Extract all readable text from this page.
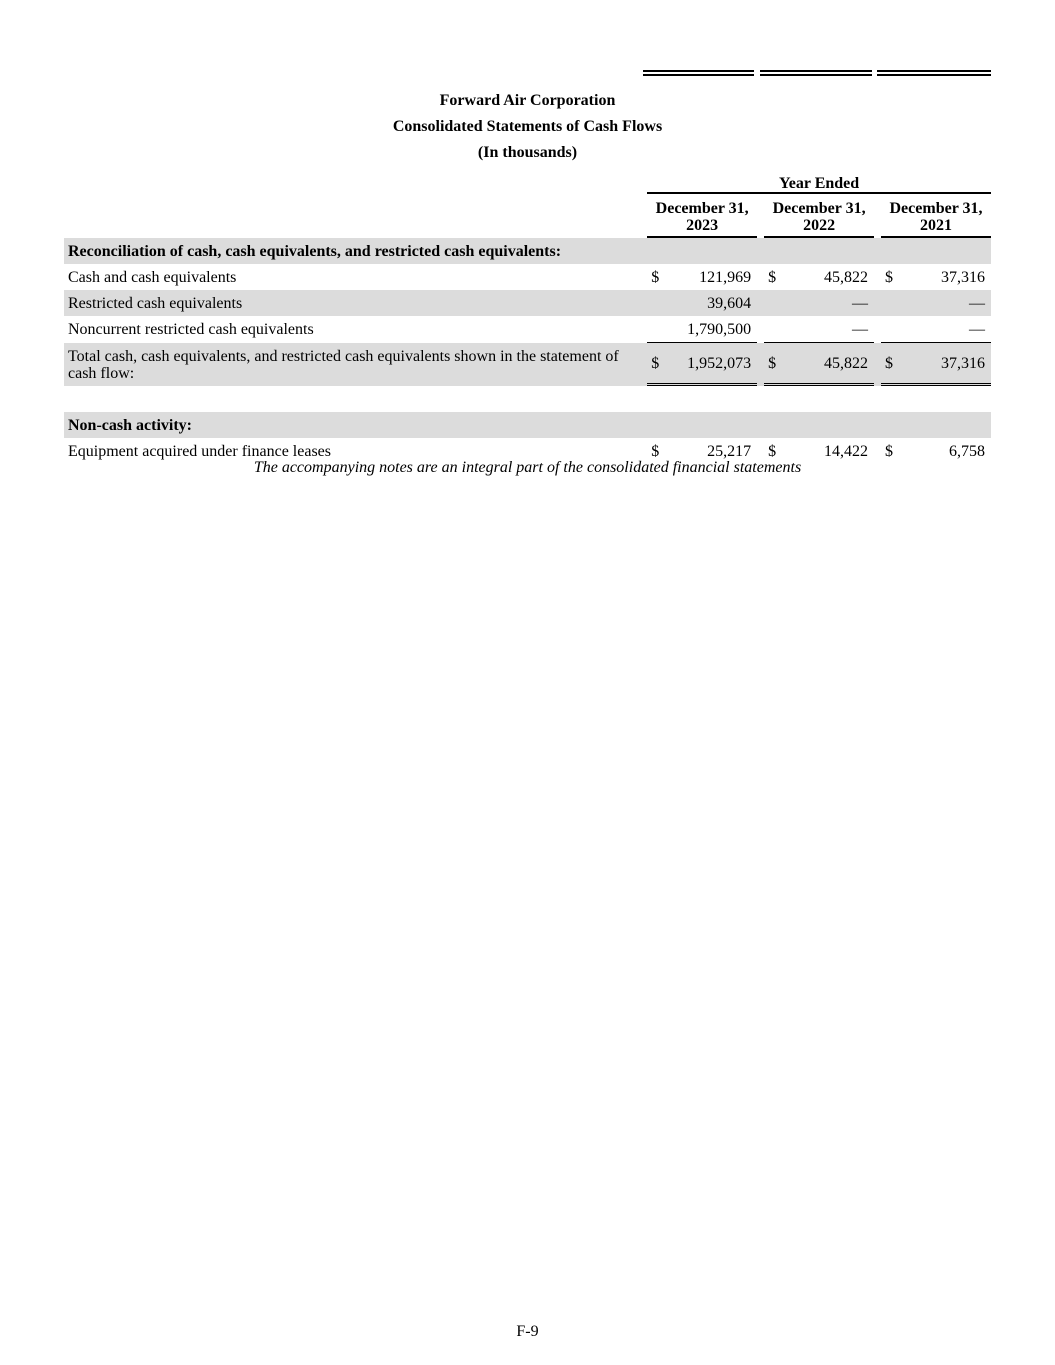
Forward Air Corporation
Consolidated Statements of Cash Flows
(In thousands)
		Year Ended							
		December 31, 2023			December 31, 2022			December 31, 2021	
Reconciliation of cash, cash equivalents, and restricted cash equivalents:									
Cash and cash equivalents		$	121,969		$	45,822		$	37,316
Restricted cash equivalents			39,604			—			—
Noncurrent restricted cash equivalents			1,790,500			—			—
Total cash, cash equivalents, and restricted cash equivalents shown in the statement of cash flow:		$	1,952,073		$	45,822		$	37,316

Non-cash activity:									
Equipment acquired under finance leases		$	25,217		$	14,422		$	6,758
The accompanying notes are an integral part of the consolidated financial statements
F-9
